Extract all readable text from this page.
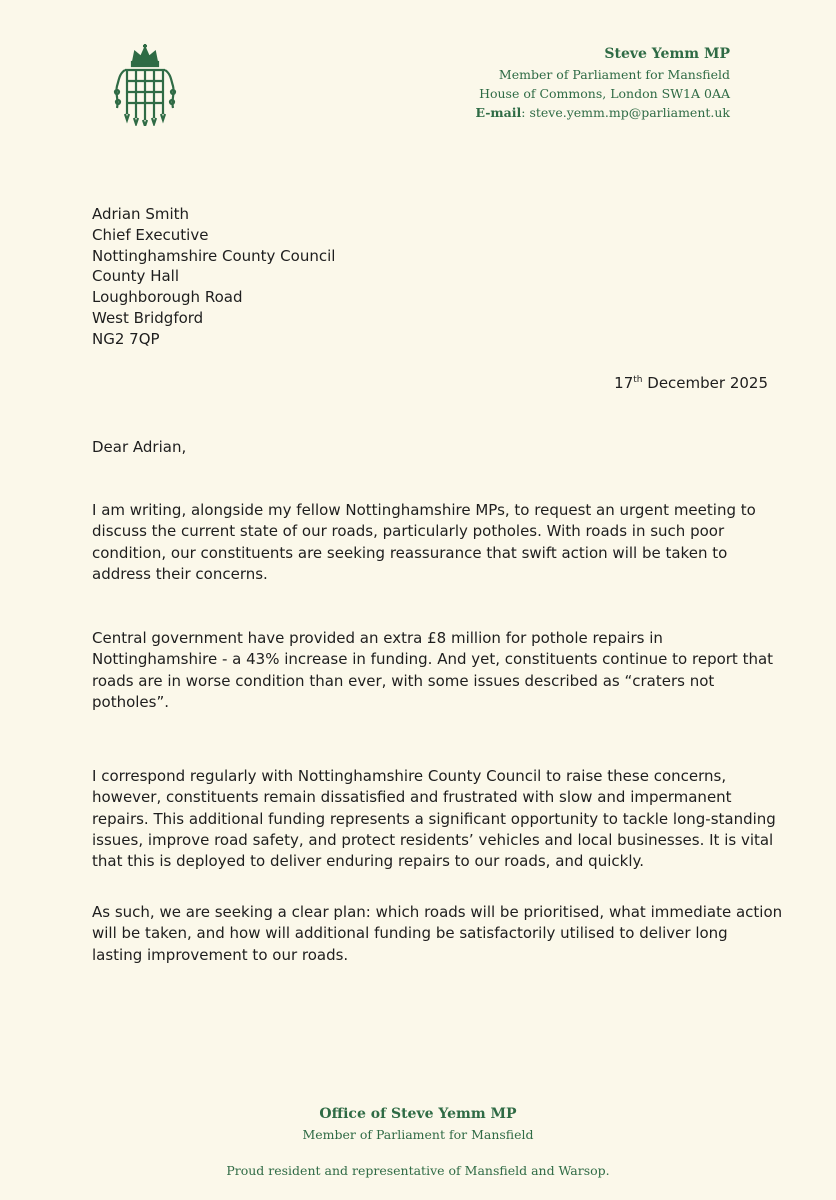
Steve Yemm MP
Member of Parliament for Mansfield
House of Commons, London SW1A 0AA
E-mail: steve.yemm.mp@parliament.uk
Adrian Smith
Chief Executive
Nottinghamshire County Council
County Hall
Loughborough Road
West Bridgford
NG2 7QP
17th December 2025
Dear Adrian,

I am writing, alongside my fellow Nottinghamshire MPs, to request an urgent meeting to
discuss the current state of our roads, particularly potholes. With roads in such poor
condition, our constituents are seeking reassurance that swift action will be taken to
address their concerns.

Central government have provided an extra £8 million for pothole repairs in
Nottinghamshire - a 43% increase in funding. And yet, constituents continue to report that
roads are in worse condition than ever, with some issues described as “craters not
potholes”.

I correspond regularly with Nottinghamshire County Council to raise these concerns,
however, constituents remain dissatisfied and frustrated with slow and impermanent
repairs. This additional funding represents a significant opportunity to tackle long-standing
issues, improve road safety, and protect residents’ vehicles and local businesses. It is vital
that this is deployed to deliver enduring repairs to our roads, and quickly.

As such, we are seeking a clear plan: which roads will be prioritised, what immediate action
will be taken, and how will additional funding be satisfactorily utilised to deliver long
lasting improvement to our roads.

Office of Steve Yemm MP
Member of Parliament for Mansfield
Proud resident and representative of Mansfield and Warsop.
